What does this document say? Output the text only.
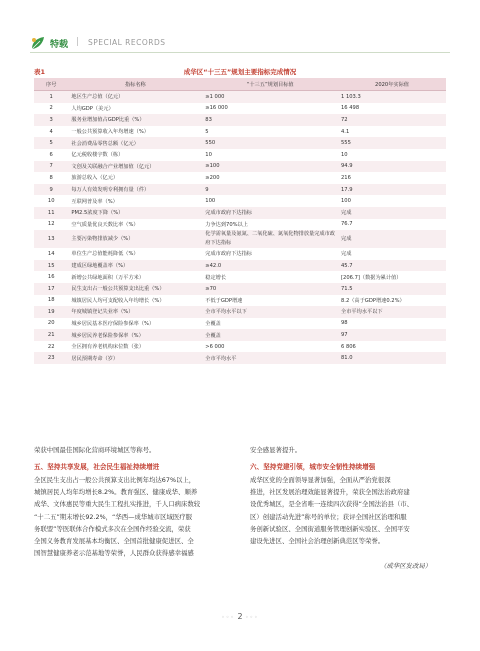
特载 | SPECIAL RECORDS
成华区“十三五”规划主要指标完成情况
表1
序号	指标名称	“十三五”规划目标值	2020年实际值
1	地区生产总值（亿元）	≥1 000	1 103.3
2	人均GDP（美元）	≥16 000	16 498
3	服务业增加值占GDP比重（%）	83	72
4	一般公共预算收入年均增速（%）	5	4.1
5	社会消费品零售总额（亿元）	550	555
6	亿元税收楼宇数（栋）	10	10
7	文创及关联融合产业增加值（亿元）	≥100	94.9
8	旅游总收入（亿元）	≥200	216
9	每万人有效发明专利拥有量（件）	9	17.9
10	互联网普及率（%）	100	100
11	PM2.5浓度下降（%）	完成市政府下达指标	完成
12	空气质量优良天数比率（%）	力争达到70%以上	76.7
13	主要污染物排放减少（%）	化学需氧量及氨氮、二氧化硫、氮氧化物排放量完成市政府下达指标	完成
14	单位生产总值能耗降低（%）	完成市政府下达指标	完成
15	建成区绿地覆盖率（%）	≥42.0	45.7
16	新增公共绿地面积（万平方米）	稳定增长	[206.7]（数据为累计值）
17	民生支出占一般公共预算支出比重（%）	≥70	71.5
18	城镇居民人均可支配收入年均增长（%）	不低于GDP增速	8.2（高于GDP增速0.2%）
19	年度城镇登记失业率（%）	全市平均水平以下	全市平均水平以下
20	城乡居民基本医疗保险参保率（%）	全覆盖	98
21	城乡居民养老保险参保率（%）	全覆盖	97
22	全区拥有养老机构床位数（张）	>6 000	6 806
23	居民预期寿命（岁）	全市平均水平	81.0
荣获中国最佳国际化营商环境城区等称号。
五、坚持共享发展，社会民生福祉持续增进
全区民生支出占一般公共预算支出比例年均达67%以上，
城镇居民人均年均增长8.2%。教育强区、健康成华、顺养
成华、文体惠民等重大民生工程扎实推进，千人口病床数较
“十二五”期末增长92.2%，“华西—成华城市区域医疗服
务联盟”等医联体合作模式多次在全国作经验交流，荣获
全国义务教育发展基本均衡区、全国首批健康促进区、全
国智慧健康养老示范基地等荣誉，人民群众获得感幸福感
安全感显著提升。
六、坚持党建引领，城市安全韧性持续增强
成华区党的全面领导显著加强，全面从严治党很深
推进，社区发展治理效能显著提升，荣获全国法治政府建
设优秀城区，是全省唯一连续四次获得“全国法治县（市、
区）创建活动先进”称号的单位；获评全国社区治理和服
务创新试验区、全国街道服务管理创新实验区、全国平安
建设先进区、全国社会治理创新典范区等荣誉。
（成华区发改局）
◦◦◦ 2 ◦◦◦
